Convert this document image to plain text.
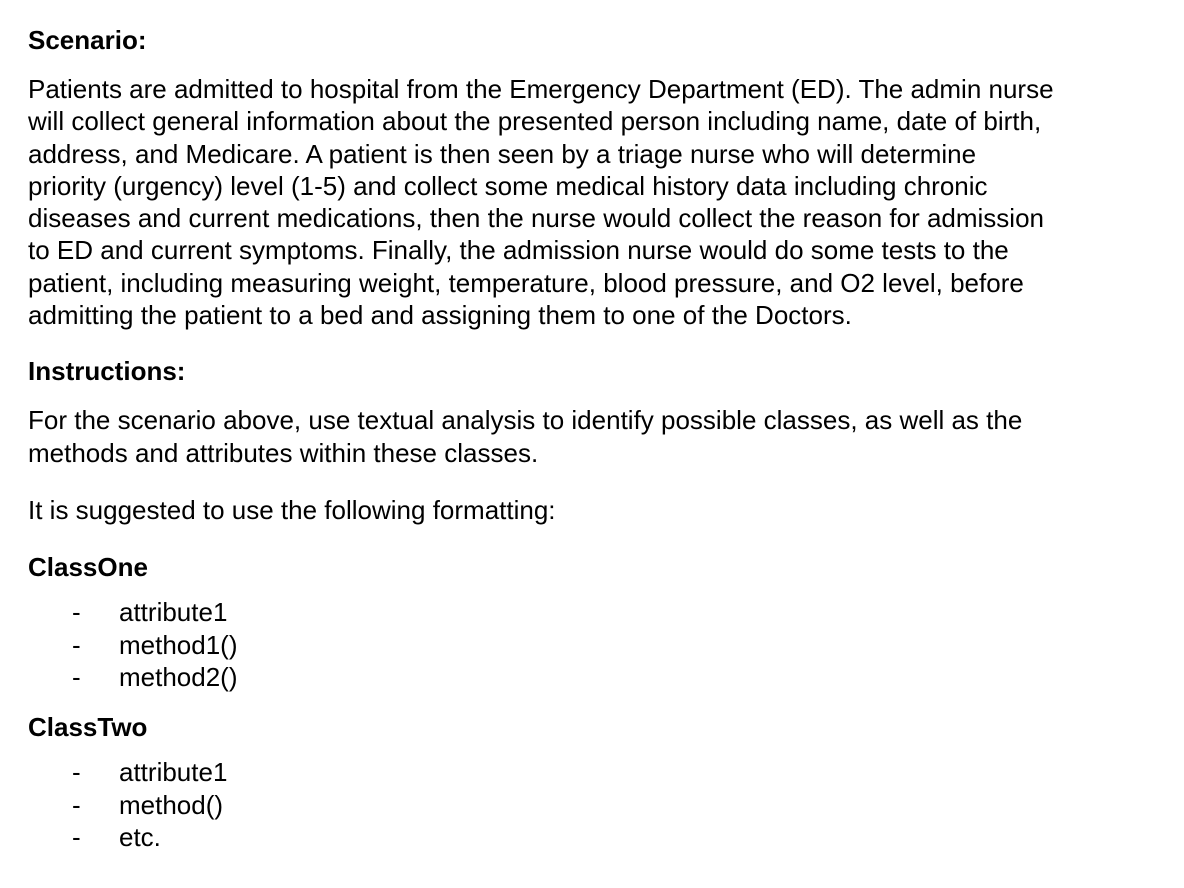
Scenario:

Patients are admitted to hospital from the Emergency Department (ED). The admin nurse
will collect general information about the presented person including name, date of birth,
address, and Medicare. A patient is then seen by a triage nurse who will determine
priority (urgency) level (1-5) and collect some medical history data including chronic
diseases and current medications, then the nurse would collect the reason for admission
to ED and current symptoms. Finally, the admission nurse would do some tests to the
patient, including measuring weight, temperature, blood pressure, and O2 level, before
admitting the patient to a bed and assigning them to one of the Doctors.

Instructions:

For the scenario above, use textual analysis to identify possible classes, as well as the
methods and attributes within these classes.

It is suggested to use the following formatting:

ClassOne

- attribute1
- method1()
- method2()

ClassTwo

- attribute1
- method()
- etc.
